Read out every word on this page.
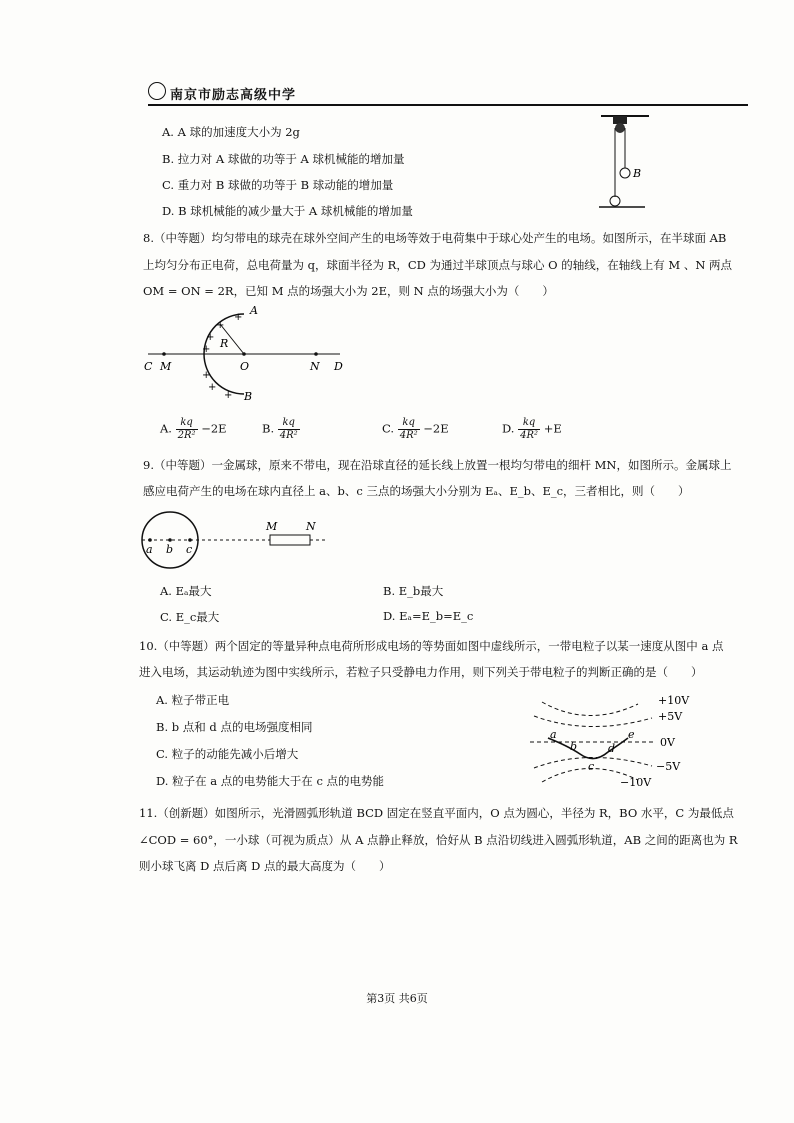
南京市励志高级中学
A. A 球的加速度大小为 2g
B. 拉力对 A 球做的功等于 A 球机械能的增加量
C. 重力对 B 球做的功等于 B 球动能的增加量
D. B 球机械能的减少量大于 A 球机械能的增加量
B
8.（中等题）均匀带电的球壳在球外空间产生的电场等效于电荷集中于球心处产生的电场。如图所示，在半球面 AB
上均匀分布正电荷，总电荷量为 q，球面半径为 R，CD 为通过半球顶点与球心 O 的轴线，在轴线上有 M 、N 两点
OM = ON = 2R，已知 M 点的场强大小为 2E，则 N 点的场强大小为（　　）
A
B
R
O
C M	N D
+
+
+
+
+
+
+
A. $\frac{kq}{\text{2R²}} -2E$	B. $\frac{kq}{\text{4R²}}$	C. $\frac{kq}{\text{4R²}} -2E$	D. $\frac{kq}{\text{4R²}} +E$
9.（中等题）一金属球，原来不带电，现在沿球直径的延长线上放置一根均匀带电的细杆 MN，如图所示。金属球上
感应电荷产生的电场在球内直径上 a、b、c 三点的场强大小分别为 Eₐ、E_b、E_c，三者相比，则（　　）
a b c
M	N
A. Eₐ最大	B. E_b最大
C. E_c最大	D. Eₐ=E_b=E_c
10.（中等题）两个固定的等量异种点电荷所形成电场的等势面如图中虚线所示，一带电粒子以某一速度从图中 a 点
进入电场，其运动轨迹为图中实线所示，若粒子只受静电力作用，则下列关于带电粒子的判断正确的是（　　）
A. 粒子带正电
B. b 点和 d 点的电场强度相同
C. 粒子的动能先减小后增大
D. 粒子在 a 点的电势能大于在 c 点的电势能
+10V
+5V
0V
−5V
−10V
a
b
c
d
e
11.（创新题）如图所示，光滑圆弧形轨道 BCD 固定在竖直平面内，O 点为圆心，半径为 R，BO 水平，C 为最低点
∠COD = 60°，一小球（可视为质点）从 A 点静止释放，恰好从 B 点沿切线进入圆弧形轨道，AB 之间的距离也为 R
则小球飞离 D 点后离 D 点的最大高度为（　　）
第3页 共6页
